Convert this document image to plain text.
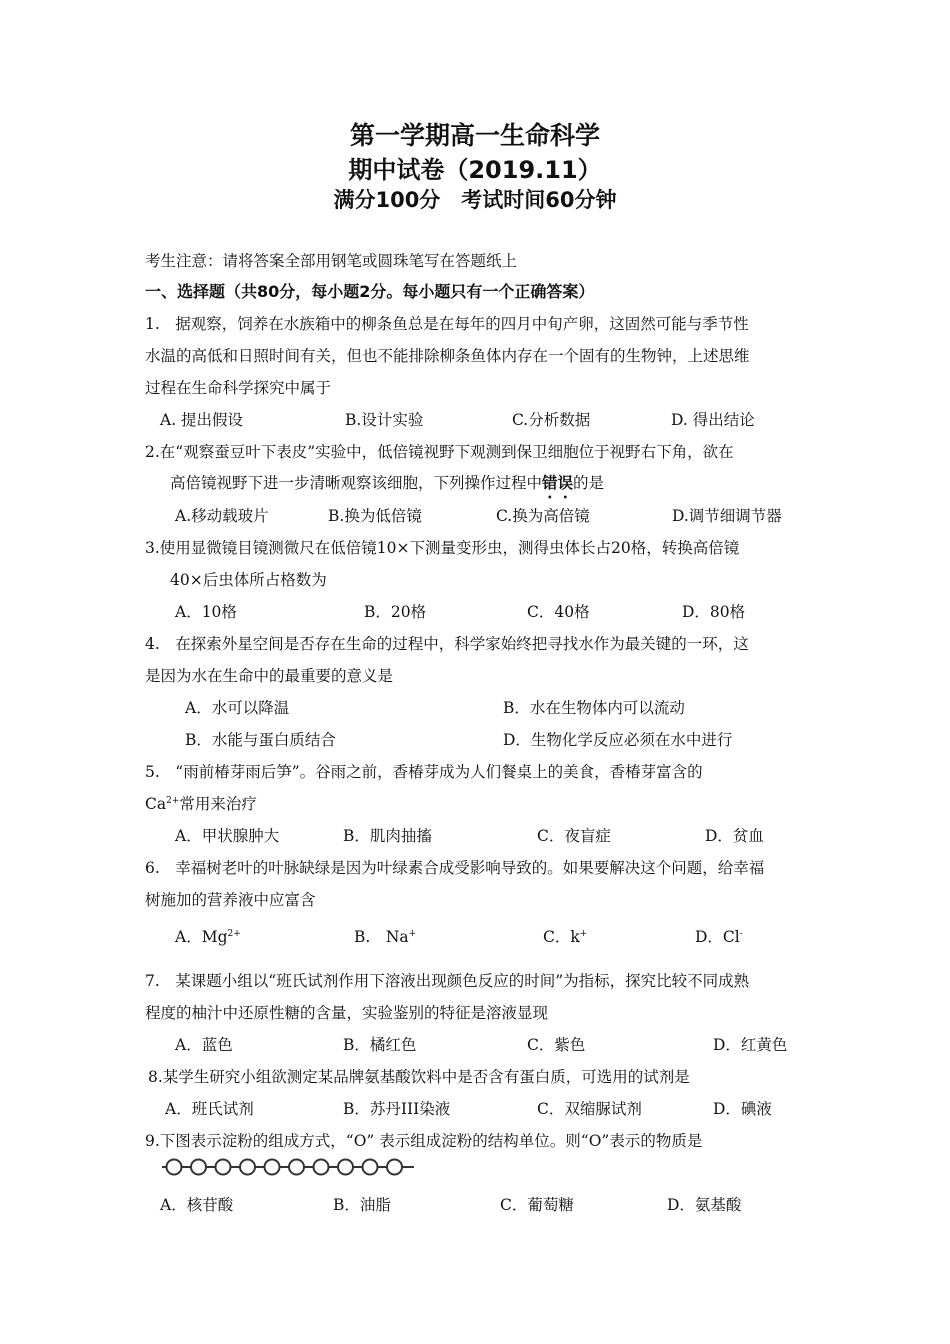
第一学期高一生命科学
期中试卷（2019.11）
满分100分　考试时间60分钟
考生注意：请将答案全部用钢笔或圆珠笔写在答题纸上
一、选择题（共80分，每小题2分。每小题只有一个正确答案）
1.　据观察，饲养在水族箱中的柳条鱼总是在每年的四月中旬产卵，这固然可能与季节性
水温的高低和日照时间有关，但也不能排除柳条鱼体内存在一个固有的生物钟，上述思维
过程在生命科学探究中属于
A. 提出假设	B.设计实验	C.分析数据	D. 得出结论
2.在“观察蚕豆叶下表皮”实验中，低倍镜视野下观测到保卫细胞位于视野右下角，欲在
高倍镜视野下进一步清晰观察该细胞，下列操作过程中错误的是
A.移动载玻片	B.换为低倍镜	C.换为高倍镜	D.调节细调节器
3.使用显微镜目镜测微尺在低倍镜10×下测量变形虫，测得虫体长占20格，转换高倍镜
40×后虫体所占格数为
A．10格	B．20格	C．40格	D．80格
4.　在探索外星空间是否存在生命的过程中，科学家始终把寻找水作为最关键的一环，这
是因为水在生命中的最重要的意义是
A．水可以降温	B．水在生物体内可以流动
B．水能与蛋白质结合	D．生物化学反应必须在水中进行
5.　“雨前椿芽雨后笋”。谷雨之前，香椿芽成为人们餐桌上的美食，香椿芽富含的
$Ca^{2+}$常用来治疗
A．甲状腺肿大	B．肌肉抽搐	C．夜盲症	D．贫血
6.　幸福树老叶的叶脉缺绿是因为叶绿素合成受影响导致的。如果要解决这个问题，给幸福
树施加的营养液中应富含
A．$Mg^{2+}$	B.　Na+	C．k+	D．Cl-
7.　某课题小组以“班氏试剂作用下溶液出现颜色反应的时间”为指标，探究比较不同成熟
程度的柚汁中还原性糖的含量，实验鉴别的特征是溶液显现
A．蓝色	B．橘红色	C．紫色	D．红黄色
8.某学生研究小组欲测定某品牌氨基酸饮料中是否含有蛋白质，可选用的试剂是
A．班氏试剂	B．苏丹III染液	C．双缩脲试剂	D．碘液
9.下图表示淀粉的组成方式，“Ο” 表示组成淀粉的结构单位。则“Ο”表示的物质是
A．核苷酸	B．油脂	C．葡萄糖	D．氨基酸
